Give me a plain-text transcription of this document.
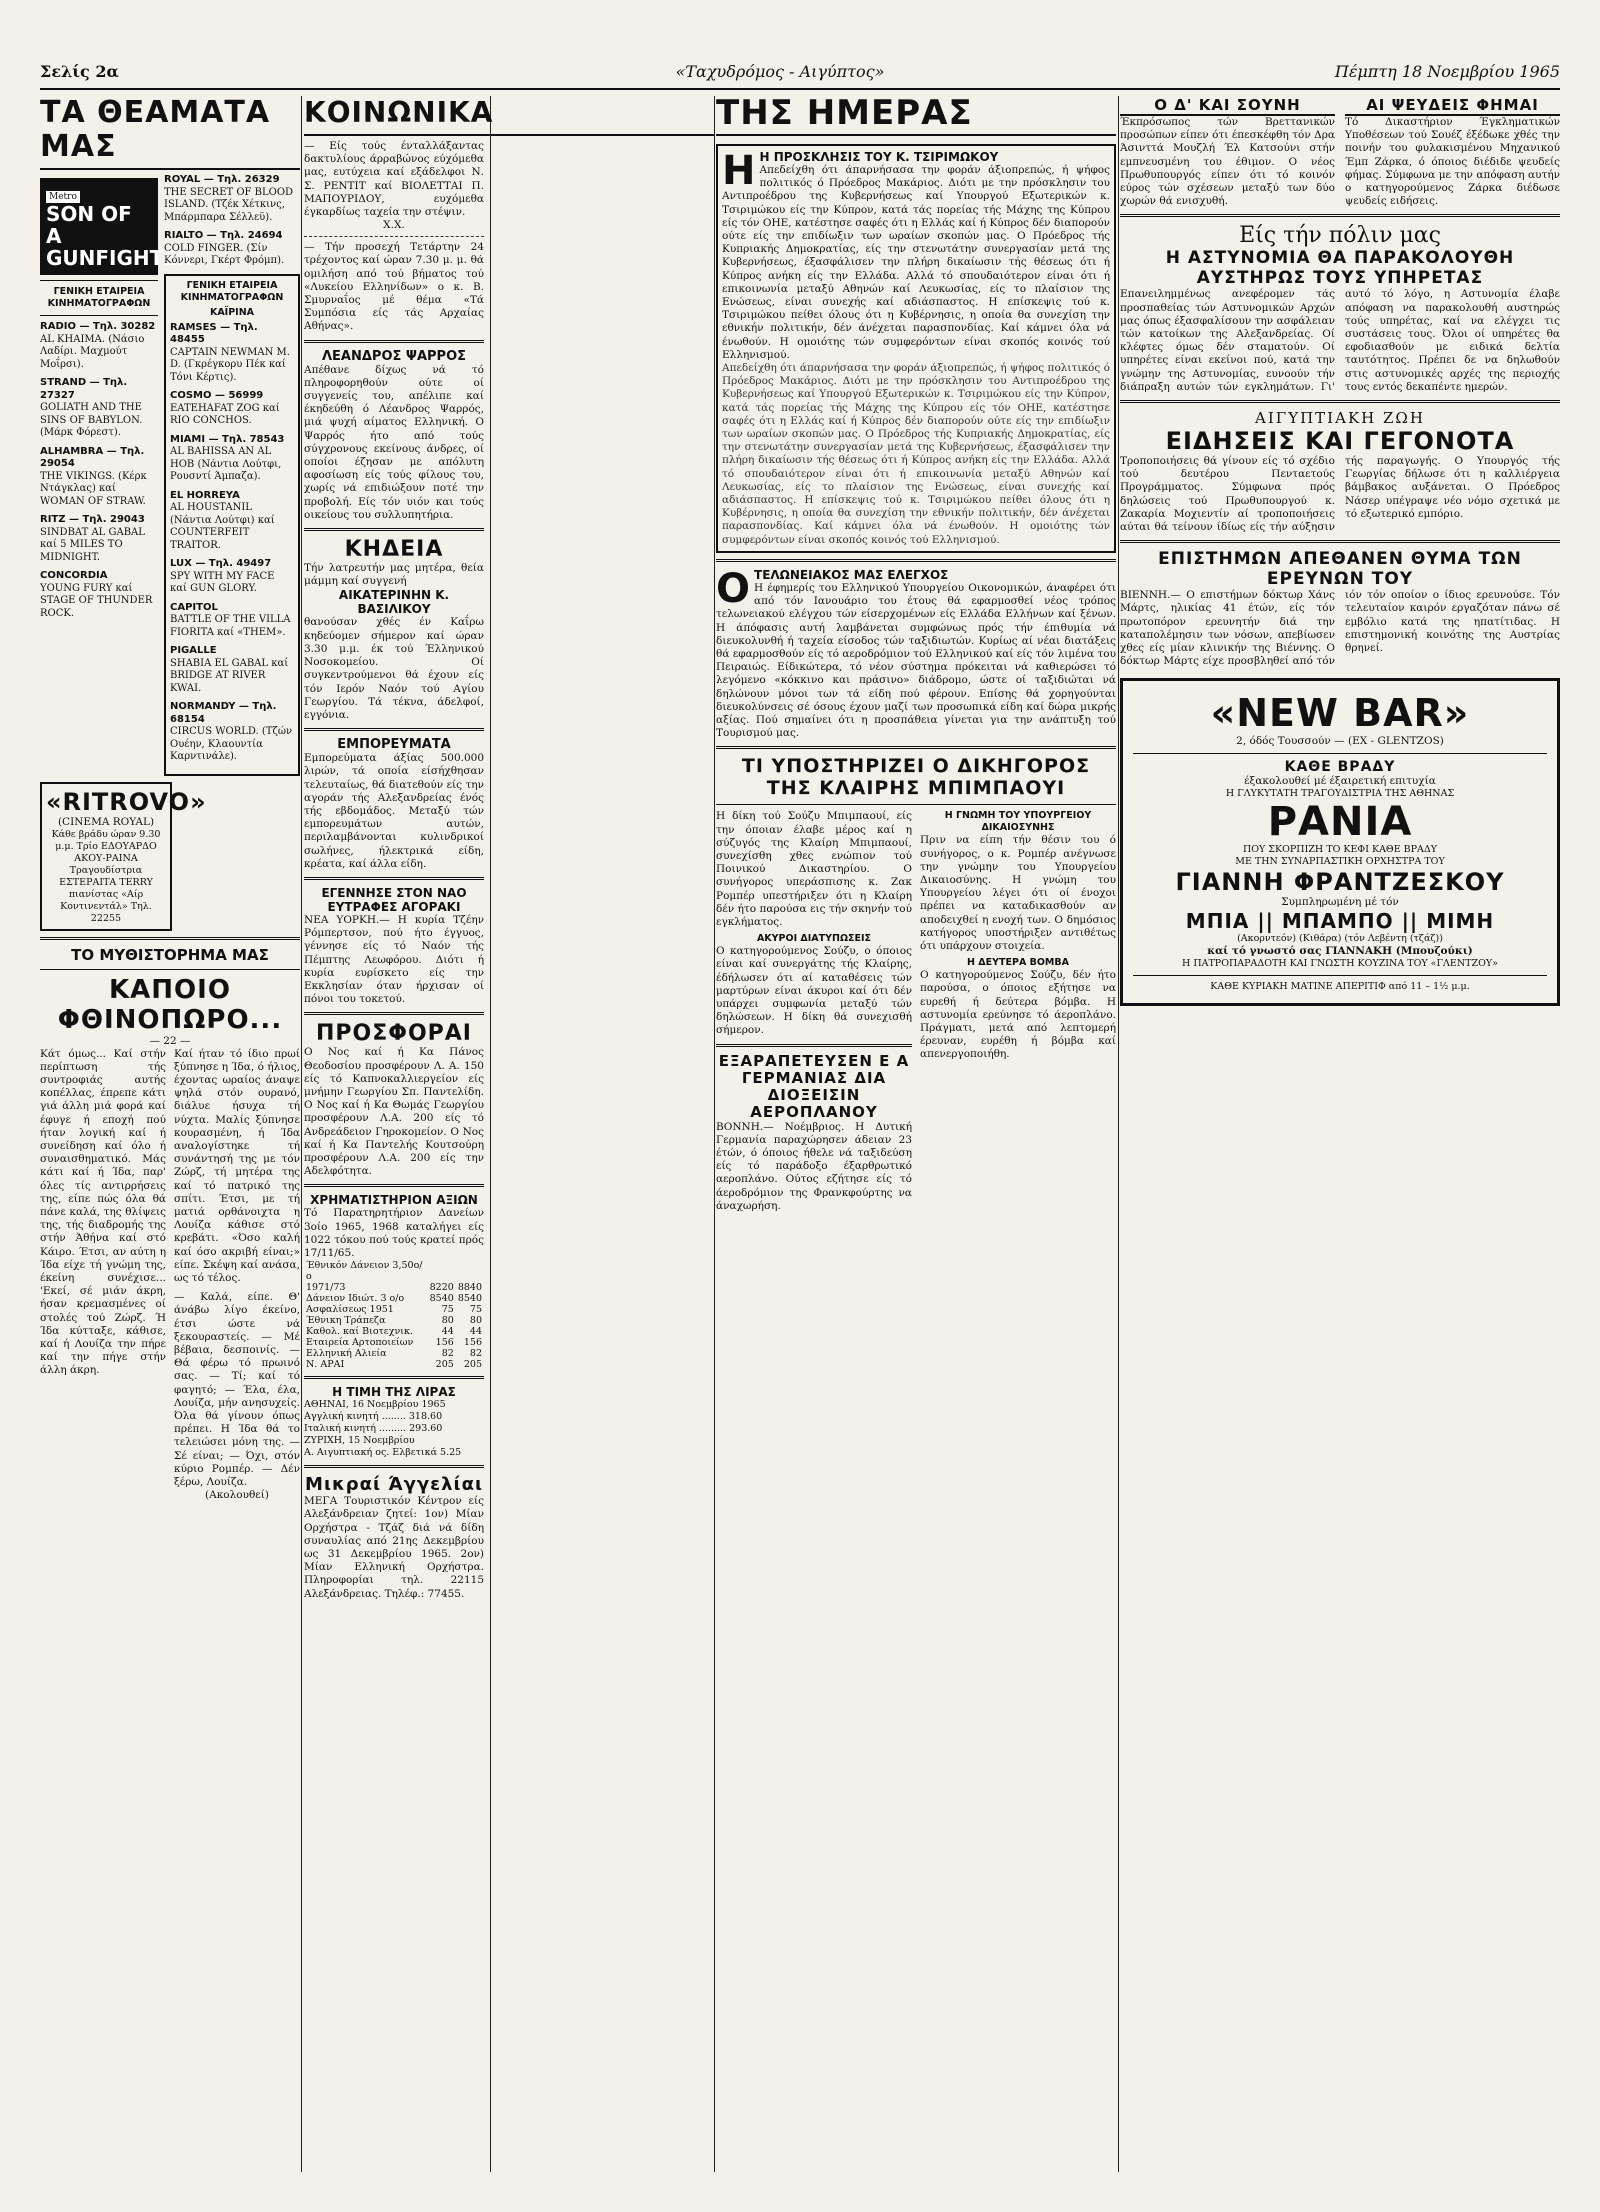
Σελίς 2α	«Ταχυδρόμος - Αιγύπτος»	Πέμπτη 18 Νοεμβρίου 1965
ΤΑ ΘΕΑΜΑΤΑ ΜΑΣ
Metro
SON OF A GUNFIGHTER
ΓΕΝΙΚΗ ΕΤΑΙΡΕΙΑ ΚΙΝΗΜΑΤΟΓΡΑΦΩΝ
RADIO — Τηλ. 30282
AL KHAIMA. (Νάσιο Λαδίρι. Μαχμούτ Μοΐρσι).
STRAND — Τηλ. 27327
GOLIATH AND THE SINS OF BABYLON. (Μάρκ Φόρεστ).
ALHAMBRA — Τηλ. 29054
THE VIKINGS. (Κέρκ Ντάγκλας) καί WOMAN OF STRAW.
RITZ — Τηλ. 29043
SINDBAT AL GABAL καί 5 MILES TO MIDNIGHT.
CONCORDIA
YOUNG FURY καί STAGE OF THUNDER ROCK.
ROYAL — Τηλ. 26329
THE SECRET OF BLOOD ISLAND. (Τζέκ Χέτκινς, Μπάρμπαρα Σέλλεϋ).
RIALTO — Τηλ. 24694
COLD FINGER. (Σίν Κόννερι, Γκέρτ Φρόμπ).
ΓΕΝΙΚΗ ΕΤΑΙΡΕΙΑ ΚΙΝΗΜΑΤΟΓΡΑΦΩΝ
ΚΑΪΡΙΝΑ
RAMSES — Τηλ. 48455
CAPTAIN NEWMAN M. D. (Γκρέγκορυ Πέκ καί Τόνι Κέρτις).
COSMO — 56999
EATEHAFAT ZOG καί RIO CONCHOS.
MIAMI — Τηλ. 78543
AL BAHISSA AN AL HOB (Νάντια Λούτφι, Ρουσντί Άμπαζα).
EL HORREYA
AL HOUSTANIL (Νάντια Λούτφι) καί COUNTERFEIT TRAITOR.
LUX — Τηλ. 49497
SPY WITH MY FACE καί GUN GLORY.
CAPITOL
BATTLE OF THE VILLA FIORITA καί «THEM».
PIGALLE
SHABIA EL GABAL καί BRIDGE AT RIVER KWAI.
NORMANDY — Τηλ. 68154
CIRCUS WORLD. (Τζών Ουέην, Κλαουντία Καρντινάλε).
«RITROVO»
(CINEMA ROYAL)
Κάθε βράδυ ώραν 9.30 μ.μ. Τρίο ΕΔΟΥΑΡΔΟ ΑΚΟΥ-ΡΑΙΝΑ Τραγουδίστρια ΕΣΤΕΡΑΙΤΑ TERRY πιανίστας «Αίρ Κοντινεντάλ» Τηλ. 22255
ΤΟ ΜΥΘΙΣΤΟΡΗΜΑ ΜΑΣ
ΚΑΠΟΙΟ ΦΘΙΝΟΠΩΡΟ...
— 22 —
Κάτ όμως... Καί στήν περίπτωση τής συντροφιάς αυτής κοπέλλας, έπρεπε κάτι γιά άλλη μιά φορά καί έφυγε ή εποχή πού ήταν λογική καί ή συνείδηση καί όλο ή συναισθηματικό. Μάς κάτι καί ή Ίδα, παρ' όλες τίς αντιρρήσεις της, είπε πώς όλα θά πάνε καλά, της θλίψεις της, τής διαδρομής της στήν Άθήνα καί στό Κάιρο. Έτσι, αν αύτη η Ίδα είχε τή γνώμη της, έκείνη συνέχισε... 'Εκεί, σέ μιάν άκρη, ήσαν κρεμασμένες οί στολές τού Ζώρζ. Ή Ίδα κύτταξε, κάθισε, καί ή Λουίζα την πήρε καί την πήγε στήν άλλη άκρη.
Καί ήταν τό ίδιο πρωί ξύπνησε η Ίδα, ό ήλιος, έχοντας ωραίος άναψε ψηλά στόν ουρανό, διάλυε ήσυχα τή νύχτα. Μαλίς ξύπνησε κουρασμένη, ή Ίδα αναλογίστηκε τή συνάντησή της με τόν Ζώρζ, τή μητέρα της καί τό πατρικό της σπίτι. Έτσι, με τή ματιά ορθάνοιχτα η Λουίζα κάθισε στό κρεβάτι. «Όσο καλή καί όσο ακριβή είναι;» είπε. Σκέψη καί ανάσα, ως τό τέλος.
— Καλά, είπε. Θ' άνάβω λίγο έκείνο, έτσι ώστε νά ξεκουραστείς. — Μέ βέβαια, δεσποινίς. — Θά φέρω τό πρωινό σας. — Τί; καί τό φαγητό; — Έλα, έλα, Λουίζα, μήν ανησυχείς. Όλα θά γίνουν όπως πρέπει. Η Ίδα θά το τελειώσει μόνη της. — Σέ είναι; — Όχι, στόν κύριο Ρομπέρ. — Δέν ξέρω, Λουίζα.
(Ακολουθεί)
ΚΟΙΝΩΝΙΚΑ
— Είς τούς ένταλλάξαντας δακτυλίους άρραβώνος εύχόμεθα μας, ευτύχεια καί εξάδελφοι Ν. Σ. ΡΕΝΤΙΤ καί ΒΙΟΛΕΤΤΑΙ Π. ΜΑΠΟΥΡΙΔΟΥ, ευχόμεθα έγκαρδίως ταχεία την στέψιν.
Χ.Χ.
— Τήν προσεχή Τετάρτην 24 τρέχοντος καί ώραν 7.30 μ. μ. θά ομιλήση από τού βήματος τού «Λυκείου Ελληνίδων» ο κ. Β. Σμυρναΐος μέ θέμα «Τά Συμπόσια είς τάς Αρχαίας Αθήνας».
ΛΕΑΝΔΡΟΣ ΨΑΡΡΟΣ
Απέθανε δίχως νά τό πληροφορηθούν ούτε οί συγγενείς του, απέλιπε καί έκηδεύθη ό Λέανδρος Ψαρρός, μιά ψυχή αίματος Ελληνική. Ο Ψαρρός ήτο από τούς σύγχρονους εκείνους άνδρες, οί οποίοι έζησαν με απόλυτη αφοσίωση είς τούς φίλους του, χωρίς νά επιδιώξουν ποτέ την προβολή. Είς τόν υιόν και τούς οικείους του συλλυπητήρια.
ΚΗΔΕΙΑ
Τήν λατρευτήν μας μητέρα, θεία μάμμη καί συγγενή
ΑΙΚΑΤΕΡΙΝΗΝ Κ. ΒΑΣΙΛΙΚΟΥ
θανούσαν χθές έν Καΐρω κηδεύομεν σήμερον καί ώραν 3.30 μ.μ. έκ τού Έλληνικού Νοσοκομείου. Οί συγκεντρούμενοι θά έχουν είς τόν Ιερόν Ναόν τού Αγίου Γεωργίου. Τά τέκνα, άδελφοί, εγγόνια.
ΕΜΠΟΡΕΥΜΑΤΑ
Εμπορεύματα άξίας 500.000 λιρών, τά οποία είσήχθησαν τελευταίως, θά διατεθούν είς την αγοράν τής Αλεξανδρείας ένός τής εβδομάδος. Μεταξύ τών εμπορευμάτων αυτών, περιλαμβάνονται κυλινδρικοί σωλήνες, ήλεκτρικά είδη, κρέατα, καί άλλα είδη.
ΕΓΕΝΝΗΣΕ ΣΤΟΝ ΝΑΟ
ΕΥΤΡΑΦΕΣ ΑΓΟΡΑΚΙ
ΝΕΑ ΥΟΡΚΗ.— Η κυρία Τζέην Ρόμπερτσον, πού ήτο έγγυος, γέννησε είς τό Ναόν τής Πέμπτης Λεωφόρου. Διότι ή κυρία ευρίσκετο είς την Εκκλησίαν όταν ήρχισαν οί πόνοι του τοκετού.
ΠΡΟΣΦΟΡΑΙ
Ο Νος καί ή Κα Πάνος Θεοδοσίου προσφέρουν Λ. Α. 150 είς τό Καπνοκαλλιεργείον είς μνήμην Γεωργίου Σπ. Παντελίδη. Ο Νος καί ή Κα Θωμάς Γεωργίου προσφέρουν Λ.Α. 200 είς τό Ανδρεάδειον Γηροκομείον. Ο Νος καί ή Κα Παντελής Κουτσούρη προσφέρουν Λ.Α. 200 είς την Αδελφότητα.
ΧΡΗΜΑΤΙΣΤΗΡΙΟΝ ΑΞΙΩΝ
Τό Παρατηρητήριον Δανείων 3οίο 1965, 1968 καταλήγει είς 1022 τόκου πού τούς κρατεί πρός 17/11/65.
Έθνικόν Δάνειον 3,50ο/ο		
1971/73	8220	8840
Δάνειον Ιδιώτ. 3 ο/ο	8540	8540
Ασφαλίσεως 1951	75	75
Έθνικη Τράπεζα	80	80
Καθολ. καί Βιοτεχνικ.	44	44
Εταιρεία Αρτοποιείων	156	156
Ελληνική Αλιεία	82	82
Ν. ΑΡΑΙ	205	205
Η ΤΙΜΗ ΤΗΣ ΛΙΡΑΣ
ΑΘΗΝΑΙ, 16 Νοεμβρίου 1965
Αγγλική κινητή ........ 318.60
Ιταλική κινητή ......... 293.60
ΖΥΡΙΧΗ, 15 Νοεμβρίου
Α. Αιγυπτιακή ος. Ελβετικά 5.25
Μικραί Άγγελίαι
ΜΕΓΑ Τουριστικόν Κέντρον είς Αλεξάνδρειαν ζητεί: 1ον) Μίαν Ορχήστρα - Τζάζ διά νά δίδη συναυλίας από 21ης Δεκεμβρίου ως 31 Δεκεμβρίου 1965. 2ον) Μίαν Ελληνική Ορχήστρα. Πληροφορίαι τηλ. 22115 Αλεξάνδρειας. Τηλέφ.: 77455.
ΤΗΣ ΗΜΕΡΑΣ
Η Η ΠΡΟΣΚΛΗΣΙΣ ΤΟΥ Κ. ΤΣΙΡΙΜΩΚΟΥ
Απεδείχθη ότι άπαρνήσασα την φοράν άξιοπρεπώς, ή ψήφος πολιτικός ό Πρόεδρος Μακάριος. Διότι με την πρόσκλησιν του Αντιπροέδρου της Κυβερνήσεως καί Υπουργού Εξωτερικών κ. Τσιριμώκου είς την Κύπρον, κατά τάς πορείας τής Μάχης της Κύπρου είς τόν ΟΗΕ, κατέστησε σαφές ότι η Ελλάς καί ή Κύπρος δέν διαπορούν ούτε είς την επιδίωξιν των ωραίων σκοπών μας. Ο Πρόεδρος τής Κυπριακής Δημοκρατίας, είς την στενωτάτην συνεργασίαν μετά της Κυβερνήσεως, έξασφάλισεν την πλήρη δικαίωσιν τής θέσεως ότι ή Κύπρος ανήκη είς την Ελλάδα. Αλλά τό σπουδαιότερον είναι ότι ή επικοινωνία μεταξύ Αθηνών καί Λευκωσίας, είς το πλαίσιον της Ενώσεως, είναι συνεχής καί αδιάσπαστος. Η επίσκεψις τού κ. Τσιριμώκου πείθει όλους ότι η Κυβέρνησις, η οποία θα συνεχίση την εθνικήν πολιτικήν, δέν άνέχεται παρασπονδίας. Καί κάμνει όλα νά ένωθούν. Η ομοιότης τών συμφερόντων είναι σκοπός κοινός τού Ελληνισμού.
Απεδείχθη ότι άπαρνήσασα την φοράν άξιοπρεπώς, ή ψήφος πολιτικός ό Πρόεδρος Μακάριος. Διότι με την πρόσκλησιν του Αντιπροέδρου της Κυβερνήσεως καί Υπουργού Εξωτερικών κ. Τσιριμώκου είς την Κύπρον, κατά τάς πορείας τής Μάχης της Κύπρου είς τόν ΟΗΕ, κατέστησε σαφές ότι η Ελλάς καί ή Κύπρος δέν διαπορούν ούτε είς την επιδίωξιν των ωραίων σκοπών μας. Ο Πρόεδρος τής Κυπριακής Δημοκρατίας, είς την στενωτάτην συνεργασίαν μετά της Κυβερνήσεως, έξασφάλισεν την πλήρη δικαίωσιν τής θέσεως ότι ή Κύπρος ανήκη είς την Ελλάδα. Αλλά τό σπουδαιότερον είναι ότι ή επικοινωνία μεταξύ Αθηνών καί Λευκωσίας, είς το πλαίσιον της Ενώσεως, είναι συνεχής καί αδιάσπαστος. Η επίσκεψις τού κ. Τσιριμώκου πείθει όλους ότι η Κυβέρνησις, η οποία θα συνεχίση την εθνικήν πολιτικήν, δέν άνέχεται παρασπονδίας. Καί κάμνει όλα νά ένωθούν. Η ομοιότης τών συμφερόντων είναι σκοπός κοινός τού Ελληνισμού.
Ο ΤΕΛΩΝΕΙΑΚΟΣ ΜΑΣ ΕΛΕΓΧΟΣ
Η έφημερίς του Ελληνικού Υπουργείου Οικονομικών, άναφέρει ότι από τόν Ιανουάριο του έτους θά εφαρμοσθεί νέος τρόπος τελωνειακού ελέγχου τών είσερχομένων είς Ελλάδα Ελλήνων καί ξένων. Η άπόφασις αυτή λαμβάνεται συμφώνως πρός τήν έπιθυμία νά διευκολυνθή ή ταχεία είσοδος τών ταξιδιωτών. Κυρίως αί νέαι διατάξεις θά εφαρμοσθούν είς τό αεροδρόμιον τού Ελληνικού καί είς τόν λιμένα του Πειραιώς. Είδικώτερα, τό νέον σύστημα πρόκειται νά καθιερώσει τό λεγόμενο «κόκκινο και πράσινο» διάδρομο, ώστε οί ταξιδιώται νά δηλώνουν μόνοι των τά είδη πού φέρουν. Επίσης θά χορηγούνται διευκολύνσεις σέ όσους έχουν μαζί των προσωπικά είδη καί δώρα μικρής αξίας. Πού σημαίνει ότι η προσπάθεια γίνεται για την ανάπτυξη τού Τουρισμού μας.
ΤΙ ΥΠΟΣΤΗΡΙΖΕΙ Ο ΔΙΚΗΓΟΡΟΣ ΤΗΣ ΚΛΑΙΡΗΣ ΜΠΙΜΠΑΟΥΙ
Η δίκη τού Σούζυ Μπιμπαουί, είς την όποιαν έλαβε μέρος καί η σύζυγός της Κλαίρη Μπιμπαουί, συνεχίσθη χθες ενώπιον τού Ποινικού Δικαστηρίου. Ο συνήγορος υπεράσπισης κ. Ζακ Ρομπέρ υπεστήριξεν ότι η Κλαίρη δέν ήτο παρούσα εις τήν σκηνήν τού εγκλήματος.
ΑΚΥΡΟΙ ΔΙΑΤΥΠΩΣΕΙΣ
Ο κατηγορούμενος Σούζυ, ο όποιος είναι καί συνεργάτης τής Κλαίρης, έδήλωσεν ότι αί καταθέσεις τών μαρτύρων είναι άκυροι καί ότι δέν υπάρχει συμφωνία μεταξύ τών δηλώσεων. Η δίκη θά συνεχισθή σήμερον.
ΕΞΑΡΑΠΕΤΕΥΣΕΝ Ε Α ΓΕΡΜΑΝΙΑΣ ΔΙΑ ΔΙΟΞΕΙΣΙΝ ΑΕΡΟΠΛΑΝΟΥ
ΒΟΝΝΗ.— Νοέμβριος. Η Δυτική Γερμανία παραχώρησεν άδειαν 23 έτών, ό όποιος ήθελε νά ταξιδεύση είς τό παράδοξο έξαρθρωτικό αεροπλάνο. Ούτος εζήτησε είς τό άεροδρόμιον της Φρανκφούρτης να άναχωρήση.
Η ΓΝΩΜΗ ΤΟΥ ΥΠΟΥΡΓΕΙΟΥ ΔΙΚΑΙΟΣΥΝΗΣ
Πριν να είπη τήν θέσιν του ό συνήγορος, ο κ. Ρομπέρ ανέγνωσε την γνώμην του Υπουργείου Δικαιοσύνης. Η γνώμη του Υπουργείου λέγει ότι οί ένοχοι πρέπει να καταδικασθούν αν αποδειχθεί η ενοχή των. Ο δημόσιος κατήγορος υποστήριξεν αντιθέτως ότι υπάρχουν στοιχεία.
Η ΔΕΥΤΕΡΑ ΒΟΜΒΑ
Ο κατηγορούμενος Σούζυ, δέν ήτο παρούσα, ο όποιος εξήτησε να ευρεθή ή δεύτερα βόμβα. Η αστυνομία ερεύνησε τό άεροπλάνο. Πράγματι, μετά από λεπτομερή έρευναν, ευρέθη ή βόμβα καί απενεργοποιήθη.
Ο Δ' ΚΑΙ ΣΟΥΝΗ
Έκπρόσωπος τών Βρεττανικών προσώπων είπεν ότι έπεσκέφθη τόν Δρα Άσινττά Μουζλή Έλ Κατσούνι στήν εμπνευσμένη του έθιμον. Ο νέος Πρωθυπουργός είπεν ότι τό κοινόν εύρος τών σχέσεων μεταξύ των δύο χωρών θά ενισχυθή.
ΑΙ ΨΕΥΔΕΙΣ ΦΗΜΑΙ
Τό Δικαστήριον Έγκληματικών Υποθέσεων τού Σουέζ έξέδωκε χθές την ποινήν του φυλακισμένου Μηχανικού Έμπ Ζάρκα, ό όποιος διέδιδε ψευδείς φήμας. Σύμφωνα με την απόφαση αυτήν ο κατηγορούμενος Ζάρκα διέδωσε ψευδείς ειδήσεις.
Είς τήν πόλιν μας
Η ΑΣΤΥΝΟΜΙΑ ΘΑ ΠΑΡΑΚΟΛΟΥΘΗ ΑΥΣΤΗΡΩΣ ΤΟΥΣ ΥΠΗΡΕΤΑΣ
Επανειλημμένως ανεφέρομεν τάς προσπαθείας τών Αστυνομικών Αρχών μας όπως έξασφαλίσουν την ασφάλειαν τών κατοίκων της Αλεξανδρείας. Οί κλέφτες όμως δέν σταματούν. Οί υπηρέτες είναι εκείνοι πού, κατά την γνώμην της Αστυνομίας, ευνοούν τήν διάπραξη αυτών τών εγκλημάτων. Γι' αυτό τό λόγο, η Αστυνομία έλαβε απόφαση να παρακολουθή αυστηρώς τούς υπηρέτας, καί να ελέγχει τις συστάσεις τους. Όλοι οί υπηρέτες θα εφοδιασθούν με ειδικά δελτία ταυτότητος. Πρέπει δε να δηλωθούν στις αστυνομικές αρχές της περιοχής τους εντός δεκαπέντε ημερών.
ΑΙΓΥΠΤΙΑΚΗ ΖΩΗ
ΕΙΔΗΣΕΙΣ ΚΑΙ ΓΕΓΟΝΟΤΑ
Τροποποιήσεις θά γίνουν είς τό σχέδιο τού δευτέρου Πενταετούς Προγράμματος. Σύμφωνα πρός δηλώσεις τού Πρωθυπουργού κ. Ζακαρία Μοχιεντίν αί τροποποιήσεις αύται θά τείνουν ίδίως είς τήν αύξησιν τής παραγωγής. Ο Υπουργός τής Γεωργίας δήλωσε ότι η καλλιέργεια βάμβακος αυξάνεται. Ο Πρόεδρος Νάσερ υπέγραψε νέο νόμο σχετικά με τό εξωτερικό εμπόριο.
ΕΠΙΣΤΗΜΩΝ ΑΠΕΘΑΝΕΝ ΘΥΜΑ ΤΩΝ ΕΡΕΥΝΩΝ ΤΟΥ
ΒΙΕΝΝΗ.— Ο επιστήμων δόκτωρ Χάνς Μάρτς, ηλικίας 41 έτών, είς τόν πρωτοπόρον ερευνητήν διά την καταπολέμησιν των νόσων, απεβίωσεν χθες είς μίαν κλινικήν της Βιέννης. Ο δόκτωρ Μάρτς είχε προσβληθεί από τόν ιόν τόν οποίον ο ίδιος ερευνούσε. Τόν τελευταίον καιρόν εργαζόταν πάνω σέ εμβόλιο κατά της ηπατίτιδας. Η επιστημονική κοινότης της Αυστρίας θρηνεί.
«NEW BAR»
2, όδός Τουσσούν — (EX - GLENTZOS)
ΚΑΘΕ ΒΡΑΔΥ
έξακολουθεί μέ έξαιρετική επιτυχία
Η ΓΛΥΚΥΤΑΤΗ ΤΡΑΓΟΥΔΙΣΤΡΙΑ ΤΗΣ ΑΘΗΝΑΣ
ΡΑΝΙΑ
ΠΟΥ ΣΚΟΡΠΙΖΗ ΤΟ ΚΕΦΙ ΚΑΘΕ ΒΡΑΔΥ
ΜΕ ΤΗΝ ΣΥΝΑΡΠΑΣΤΙΚΗ ΟΡΧΗΣΤΡΑ ΤΟΥ
ΓΙΑΝΝΗ ΦΡΑΝΤΖΕΣΚΟΥ
Συμπληρωμένη μέ τόν
ΜΠΙΑ || ΜΠΑΜΠΟ || ΜΙΜΗ
(Ακορντεόν) (Κιθάρα) (τόν Λεβέντη (τζάζ))
καί τό γνωστό σας ΓΙΑΝΝΑΚΗ (Μπουζούκι)
Η ΠΑΤΡΟΠΑΡΑΔΟΤΗ ΚΑΙ ΓΝΩΣΤΗ ΚΟΥΖΙΝΑ ΤΟΥ «ΓΛΕΝΤΖΟΥ»
ΚΑΘΕ ΚΥΡΙΑΚΗ ΜΑΤΙΝΕ ΑΠΕΡΙΤΙΦ από 11 – 1½ μ.μ.
